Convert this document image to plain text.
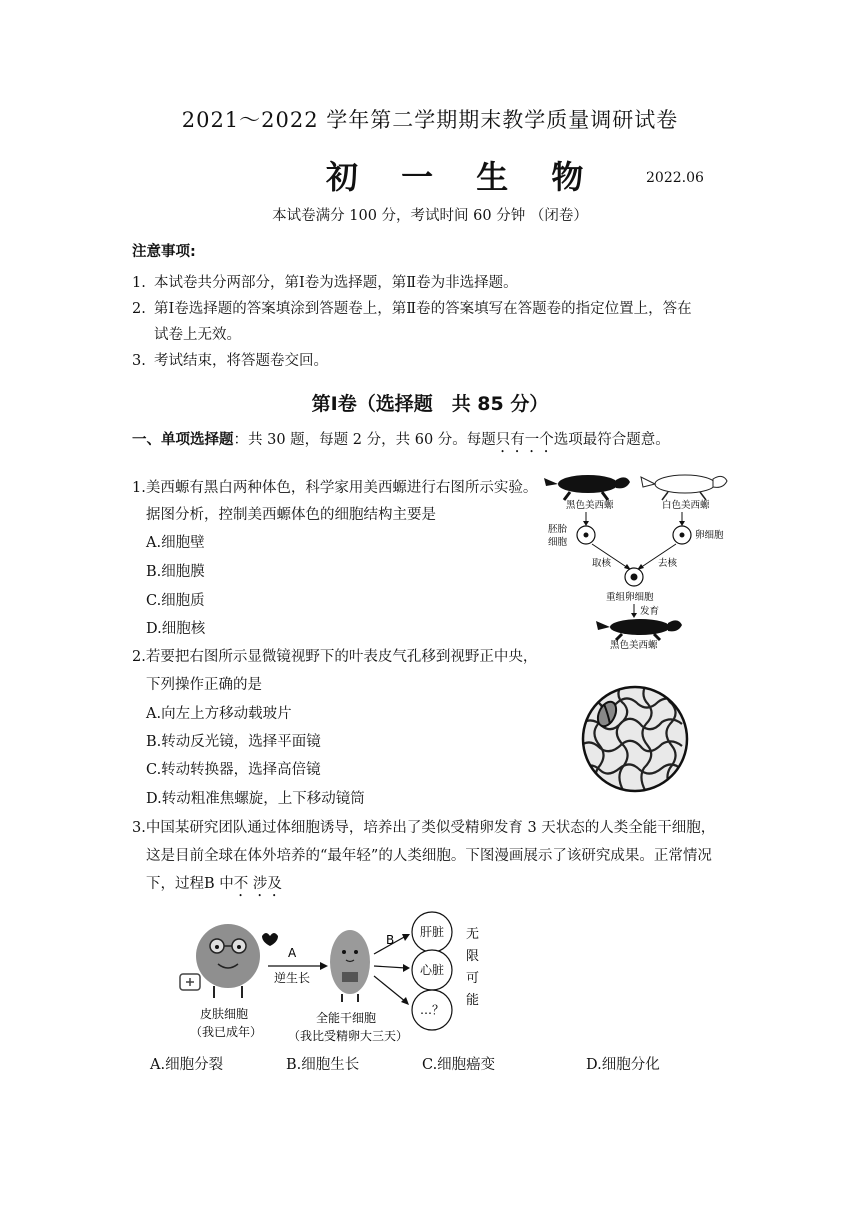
2021～2022 学年第二学期期末教学质量调研试卷
初 一 生 物	2022.06
本试卷满分 100 分，考试时间 60 分钟 （闭卷）
注意事项:
1. 本试卷共分两部分，第Ⅰ卷为选择题，第Ⅱ卷为非选择题。
2. 第Ⅰ卷选择题的答案填涂到答题卷上，第Ⅱ卷的答案填写在答题卷的指定位置上，答在
试卷上无效。
3. 考试结束，将答题卷交回。
第Ⅰ卷（选择题　共 85 分）
一、单项选择题：共 30 题，每题 2 分，共 60 分。每题只有一个选项最符合题意。
1.美西螈有黑白两种体色，科学家用美西螈进行右图所示实验。
据图分析，控制美西螈体色的细胞结构主要是
A.细胞壁
B.细胞膜
C.细胞质
D.细胞核
黑色美西螈	白色美西螈
胚胎
细胞
卵细胞
取核	去核
重组卵细胞
发育
黑色美西螈
2.若要把右图所示显微镜视野下的叶表皮气孔移到视野正中央，
下列操作正确的是
A.向左上方移动载玻片
B.转动反光镜，选择平面镜
C.转动转换器，选择高倍镜
D.转动粗准焦螺旋，上下移动镜筒
3.中国某研究团队通过体细胞诱导，培养出了类似受精卵发育 3 天状态的人类全能干细胞，
这是目前全球在体外培养的“最年轻”的人类细胞。下图漫画展示了该研究成果。正常情况
下，过程B 中不 涉及
皮肤细胞
（我已成年）
A
逆生长
全能干细胞
（我比受精卵大三天）
B
肝脏
心脏
…？
无
限
可
能
A.细胞分裂	B.细胞生长	C.细胞癌变	D.细胞分化
